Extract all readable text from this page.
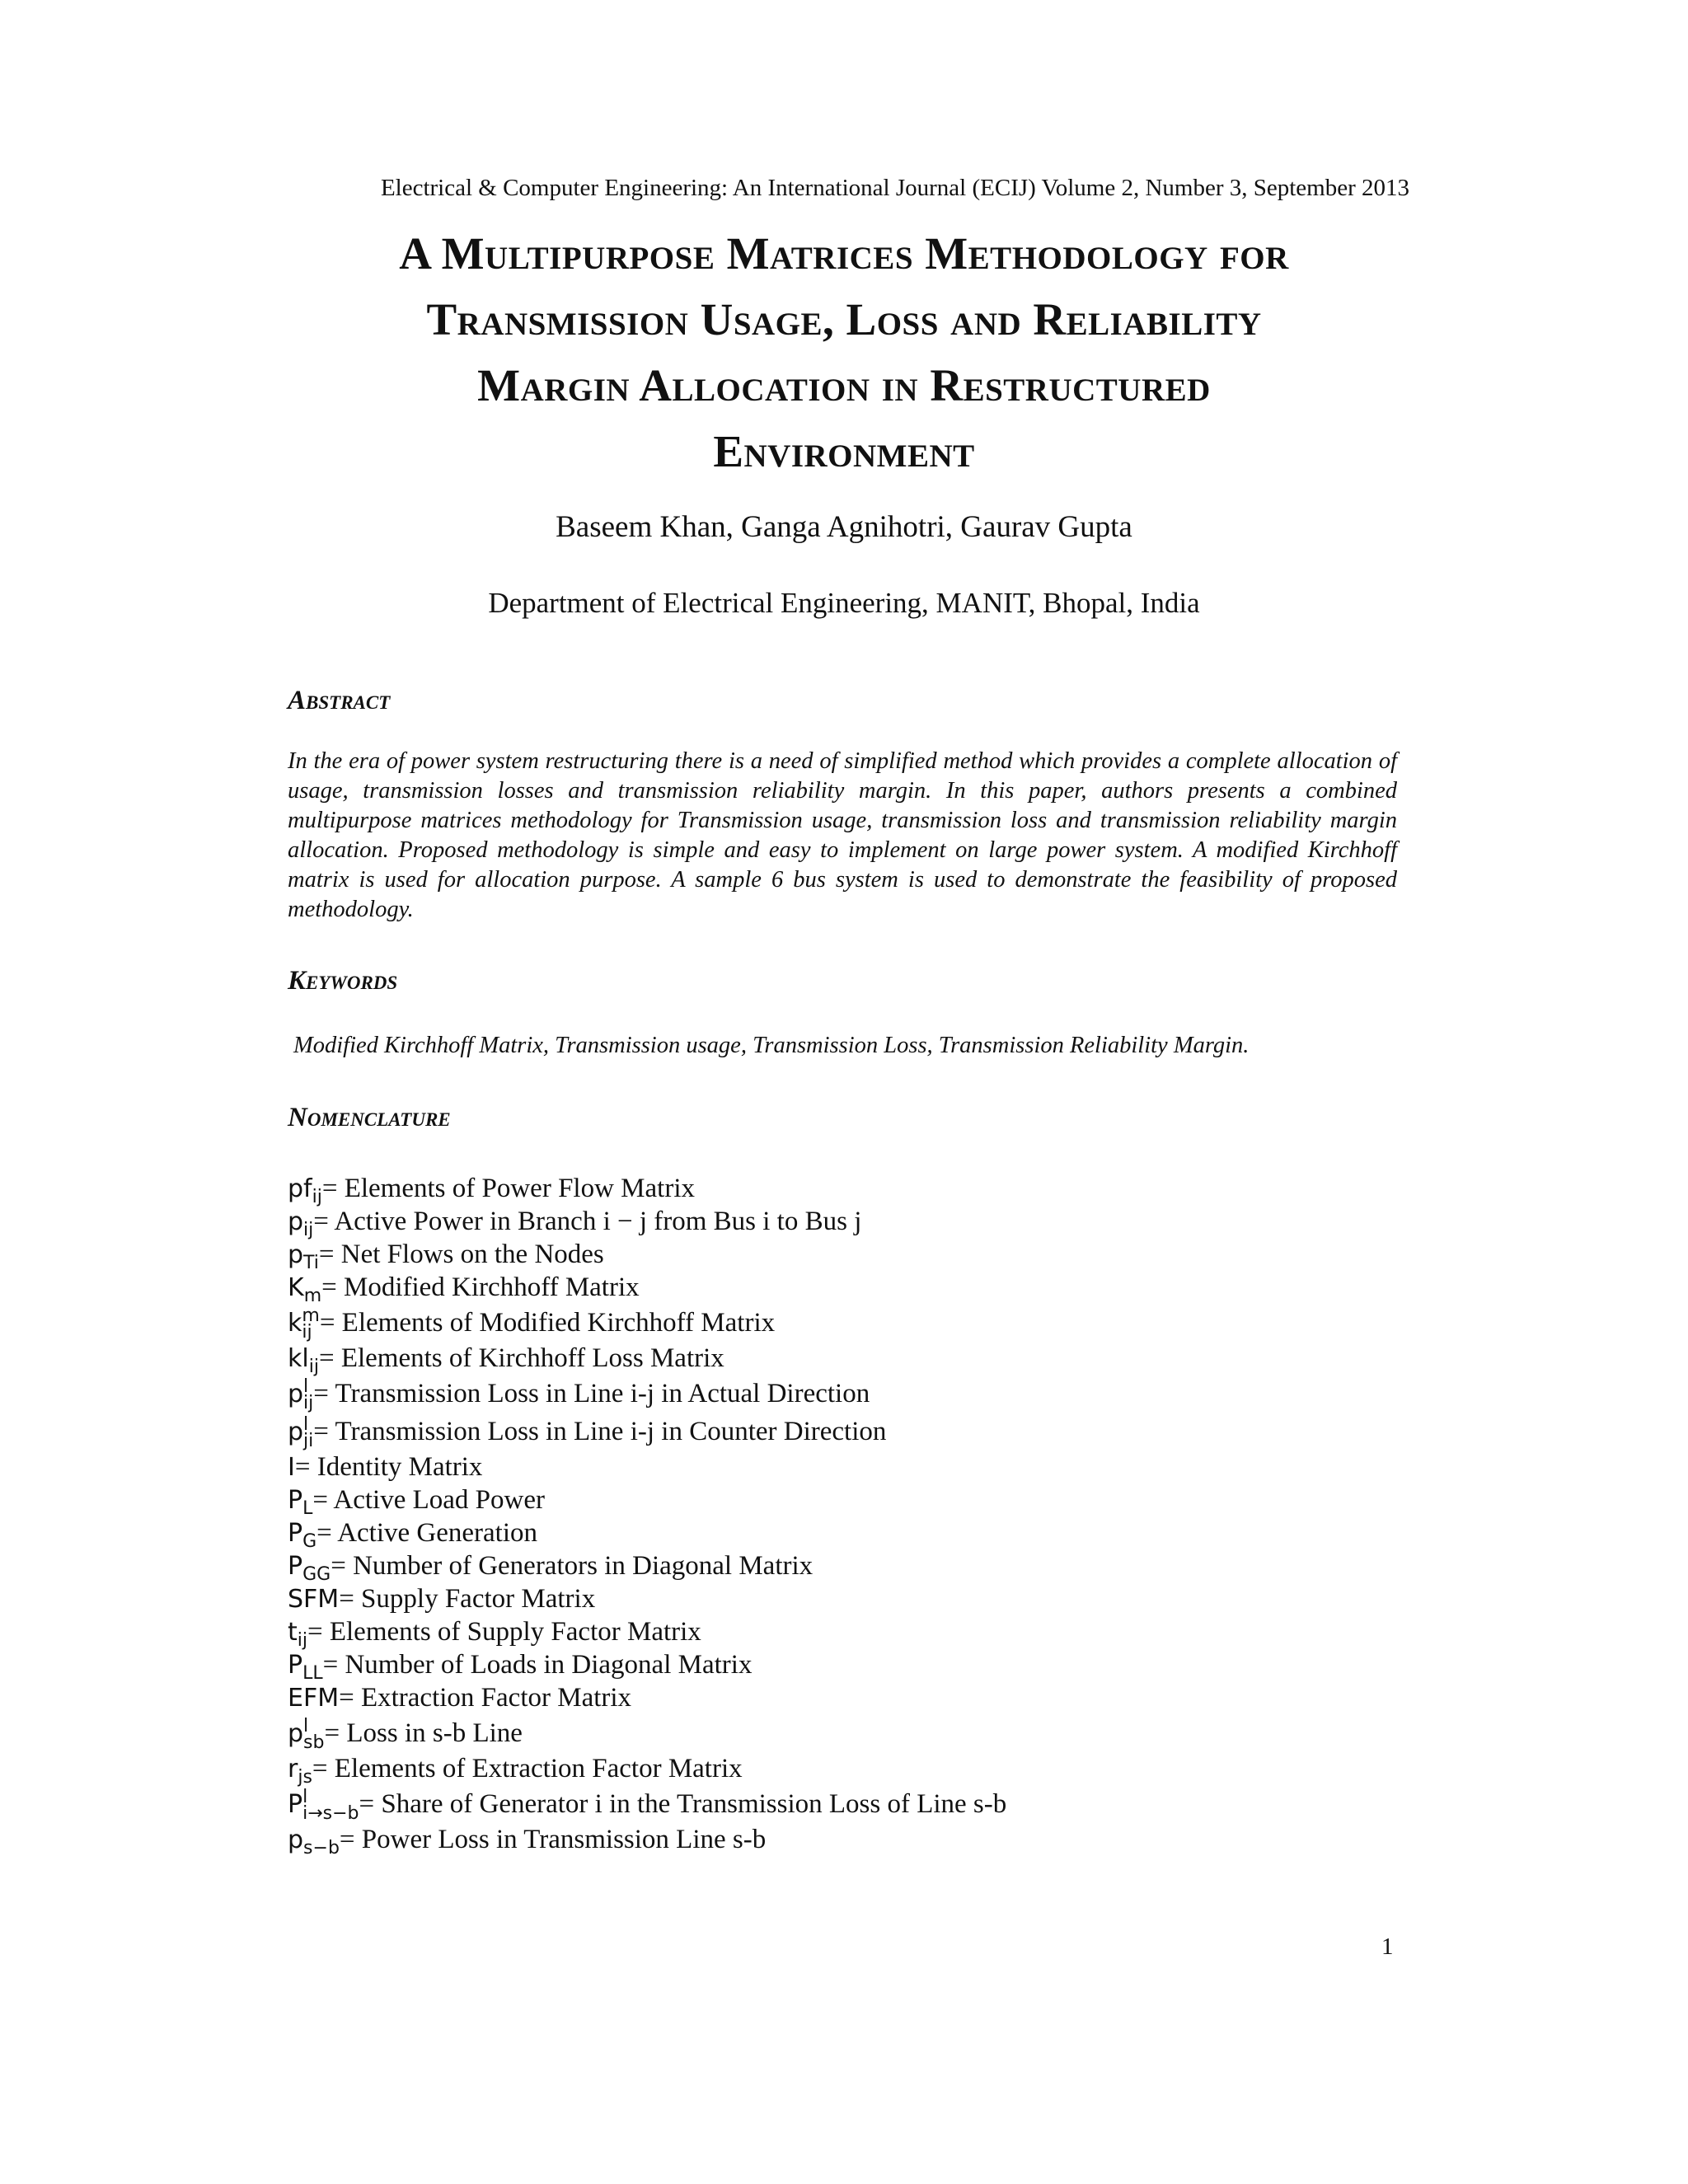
Electrical & Computer Engineering: An International Journal (ECIJ) Volume 2, Number 3, September 2013
A Multipurpose Matrices Methodology for
Transmission Usage, Loss and Reliability
Margin Allocation in Restructured
Environment
Baseem Khan, Ganga Agnihotri, Gaurav Gupta
Department of Electrical Engineering, MANIT, Bhopal, India
Abstract

In the era of power system restructuring there is a need of simplified method which provides a complete allocation of usage, transmission losses and transmission reliability margin. In this paper, authors presents a combined multipurpose matrices methodology for Transmission usage, transmission loss and transmission reliability margin allocation. Proposed methodology is simple and easy to implement on large power system. A modified Kirchhoff matrix is used for allocation purpose. A sample 6 bus system is used to demonstrate the feasibility of proposed methodology.

Keywords
Modified Kirchhoff Matrix, Transmission usage, Transmission Loss, Transmission Reliability Margin.
Nomenclature
$pf_{ij}=$ Elements of Power Flow Matrix
$p_{ij}=$ Active Power in Branch i − j from Bus i to Bus j
$p_{Ti}=$ Net Flows on the Nodes
$K_m=$ Modified Kirchhoff Matrix
k m
ij = Elements of Modified Kirchhoff Matrix
$kl_{ij}=$ Elements of Kirchhoff Loss Matrix
p l
ij = Transmission Loss in Line i-j in Actual Direction
p l
ji = Transmission Loss in Line i-j in Counter Direction
I= Identity Matrix
$P_L=$ Active Load Power
$P_G=$ Active Generation
$P_{GG}=$ Number of Generators in Diagonal Matrix
SFM= Supply Factor Matrix
$t_{ij}=$ Elements of Supply Factor Matrix
$P_{LL}=$ Number of Loads in Diagonal Matrix
EFM= Extraction Factor Matrix
p l
sb = Loss in s-b Line
$r_{js}=$ Elements of Extraction Factor Matrix
P l
i→s−b = Share of Generator i in the Transmission Loss of Line s-b
$p_{s-b}=$ Power Loss in Transmission Line s-b
1
